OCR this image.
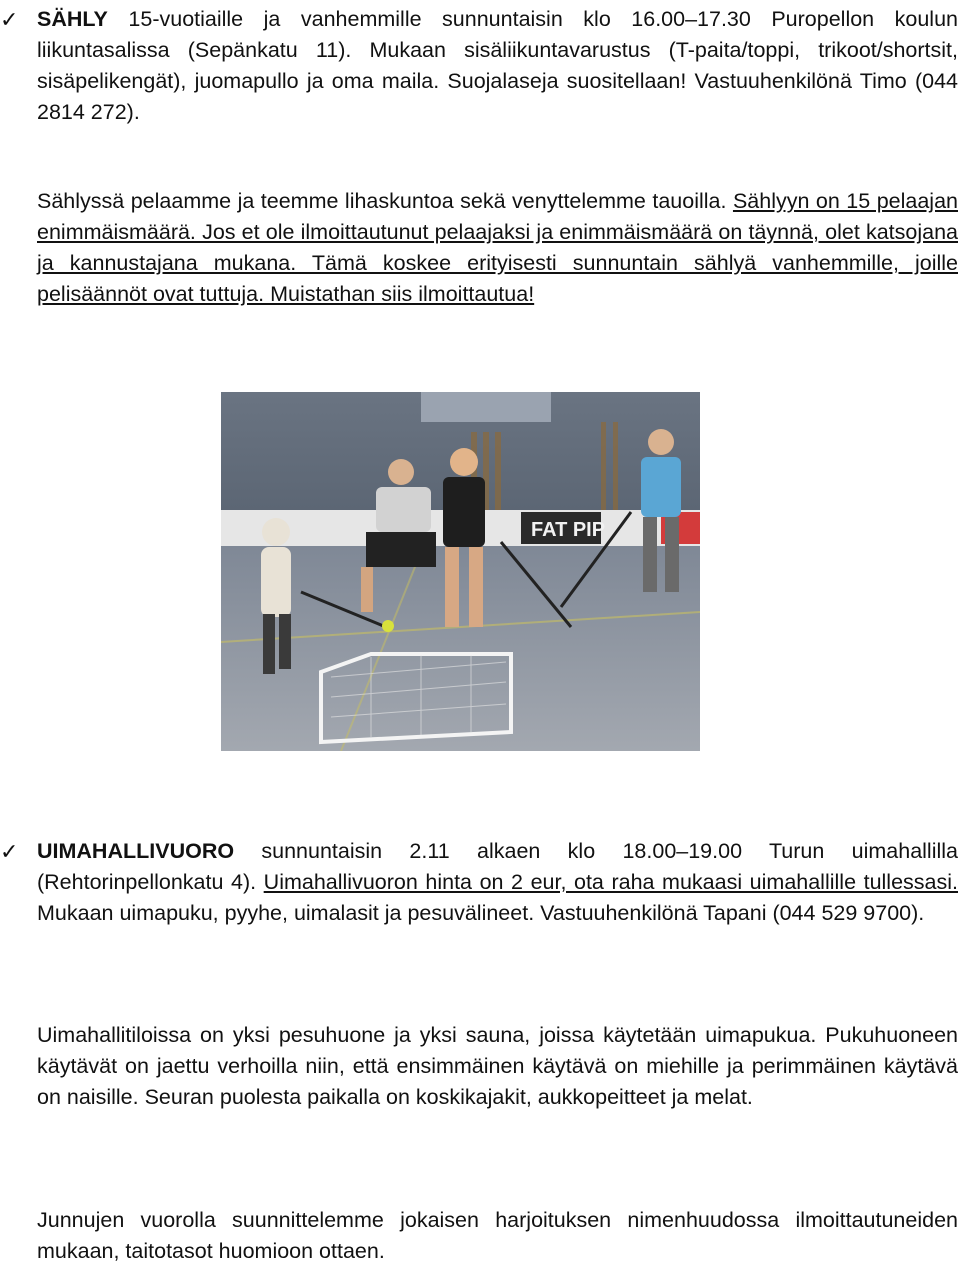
✓ SÄHLY 15-vuotiaille ja vanhemmille sunnuntaisin klo 16.00–17.30 Puropellon koulun liikuntasalissa (Sepänkatu 11). Mukaan sisäliikuntavarustus (T-paita/toppi, trikoot/shortsit, sisäpelikengät), juomapullo ja oma maila. Suojalaseja suositellaan! Vastuuhenkilönä Timo (044 2814 272).
Sählyssä pelaamme ja teemme lihaskuntoa sekä venyttelemme tauoilla. Sählyyn on 15 pelaajan enimmäismäärä. Jos et ole ilmoittautunut pelaajaksi ja enimmäismäärä on täynnä, olet katsojana ja kannustajana mukana. Tämä koskee erityisesti sunnuntain sählyä vanhemmille, joille pelisäännöt ovat tuttuja. Muistathan siis ilmoittautua!
FAT PIP
✓ UIMAHALLIVUORO sunnuntaisin 2.11 alkaen klo 18.00–19.00 Turun uimahallilla (Rehtorinpellonkatu 4). Uimahallivuoron hinta on 2 eur, ota raha mukaasi uimahallille tullessasi. Mukaan uimapuku, pyyhe, uimalasit ja pesuvälineet. Vastuuhenkilönä Tapani (044 529 9700).
Uimahallitiloissa on yksi pesuhuone ja yksi sauna, joissa käytetään uimapukua. Pukuhuoneen käytävät on jaettu verhoilla niin, että ensimmäinen käytävä on miehille ja perimmäinen käytävä on naisille. Seuran puolesta paikalla on koskikajakit, aukkopeitteet ja melat.
Junnujen vuorolla suunnittelemme jokaisen harjoituksen nimenhuudossa ilmoittautuneiden mukaan, taitotasot huomioon ottaen.
